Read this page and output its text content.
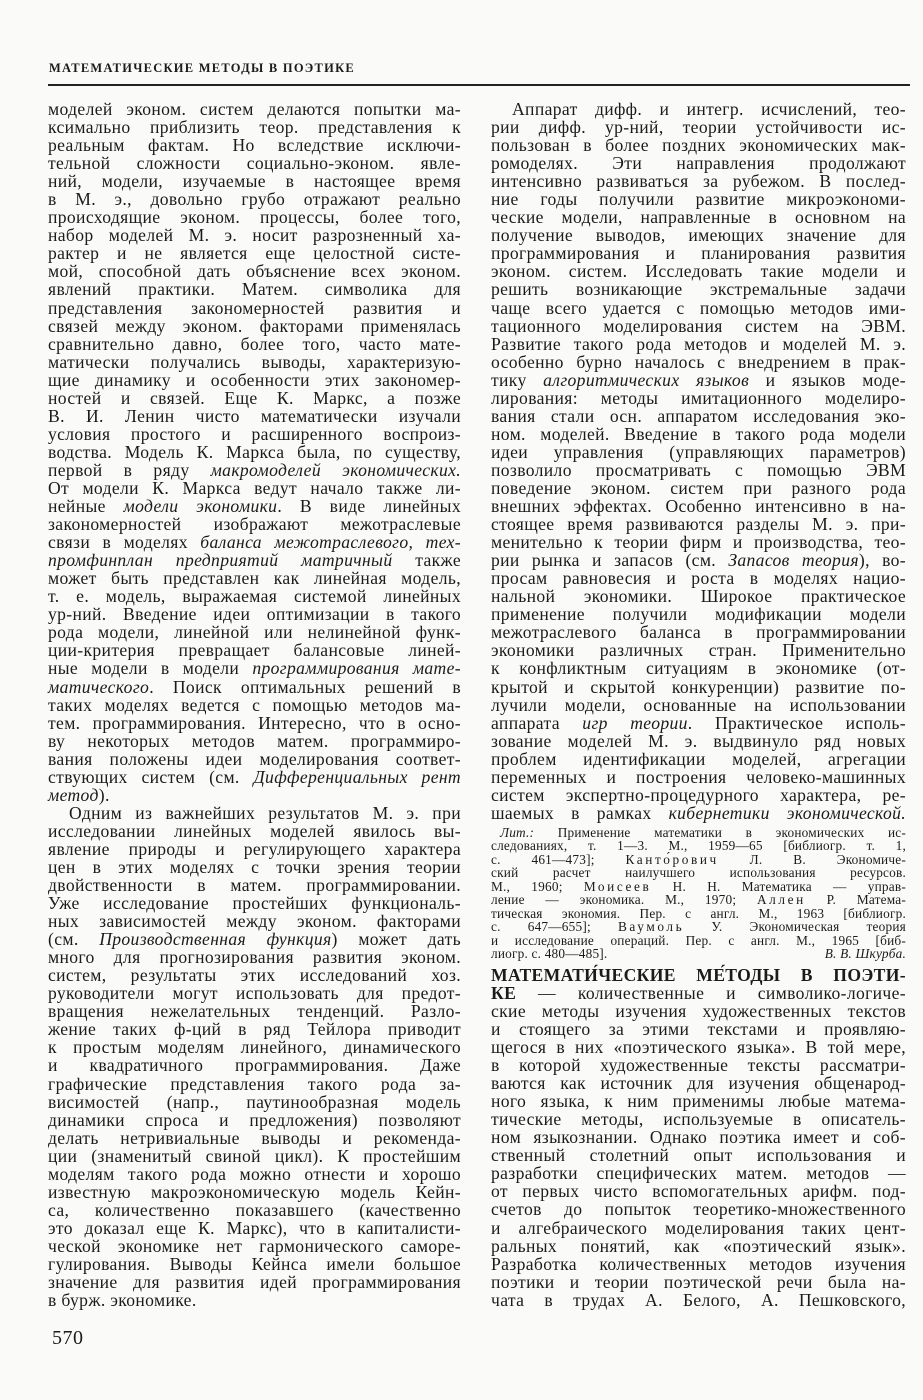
МАТЕМАТИЧЕСКИЕ МЕТОДЫ В ПОЭТИКЕ
моделей эконом. систем делаются попытки ма-
ксимально приблизить теор. представления к
реальным фактам. Но вследствие исключи-
тельной сложности социально-эконом. явле-
ний, модели, изучаемые в настоящее время
в М. э., довольно грубо отражают реально
происходящие эконом. процессы, более того,
набор моделей М. э. носит разрозненный ха-
рактер и не является еще целостной систе-
мой, способной дать объяснение всех эконом.
явлений практики. Матем. символика для
представления закономерностей развития и
связей между эконом. факторами применялась
сравнительно давно, более того, часто мате-
матически получались выводы, характеризую-
щие динамику и особенности этих закономер-
ностей и связей. Еще К. Маркс, а позже
В. И. Ленин чисто математически изучали
условия простого и расширенного воспроиз-
водства. Модель К. Маркса была, по существу,
первой в ряду макромоделей экономических.
От модели К. Маркса ведут начало также ли-
нейные модели экономики. В виде линейных
закономерностей изображают межотраслевые
связи в моделях баланса межотраслевого, тех-
промфинплан предприятий матричный также
может быть представлен как линейная модель,
т. е. модель, выражаемая системой линейных
ур-ний. Введение идеи оптимизации в такого
рода модели, линейной или нелинейной функ-
ции-критерия превращает балансовые линей-
ные модели в модели программирования мате-
матического. Поиск оптимальных решений в
таких моделях ведется с помощью методов ма-
тем. программирования. Интересно, что в осно-
ву некоторых методов матем. программиро-
вания положены идеи моделирования соответ-
ствующих систем (см. Дифференциальных рент
метод).
Одним из важнейших результатов М. э. при
исследовании линейных моделей явилось вы-
явление природы и регулирующего характера
цен в этих моделях с точки зрения теории
двойственности в матем. программировании.
Уже исследование простейших функциональ-
ных зависимостей между эконом. факторами
(см. Производственная функция) может дать
много для прогнозирования развития эконом.
систем, результаты этих исследований хоз.
руководители могут использовать для предот-
вращения нежелательных тенденций. Разло-
жение таких ф-ций в ряд Тейлора приводит
к простым моделям линейного, динамического
и квадратичного программирования. Даже
графические представления такого рода за-
висимостей (напр., паутинообразная модель
динамики спроса и предложения) позволяют
делать нетривиальные выводы и рекоменда-
ции (знаменитый свиной цикл). К простейшим
моделям такого рода можно отнести и хорошо
известную макроэкономическую модель Кейн-
са, количественно показавшего (качественно
это доказал еще К. Маркс), что в капиталисти-
ческой экономике нет гармонического саморе-
гулирования. Выводы Кейнса имели большое
значение для развития идей программирования
в бурж. экономике.
Аппарат дифф. и интегр. исчислений, тео-
рии дифф. ур-ний, теории устойчивости ис-
пользован в более поздних экономических мак-
ромоделях. Эти направления продолжают
интенсивно развиваться за рубежом. В послед-
ние годы получили развитие микроэкономи-
ческие модели, направленные в основном на
получение выводов, имеющих значение для
программирования и планирования развития
эконом. систем. Исследовать такие модели и
решить возникающие экстремальные задачи
чаще всего удается с помощью методов ими-
тационного моделирования систем на ЭВМ.
Развитие такого рода методов и моделей М. э.
особенно бурно началось с внедрением в прак-
тику алгоритмических языков и языков моде-
лирования: методы имитационного моделиро-
вания стали осн. аппаратом исследования эко-
ном. моделей. Введение в такого рода модели
идеи управления (управляющих параметров)
позволило просматривать с помощью ЭВМ
поведение эконом. систем при разного рода
внешних эффектах. Особенно интенсивно в на-
стоящее время развиваются разделы М. э. при-
менительно к теории фирм и производства, тео-
рии рынка и запасов (см. Запасов теория), во-
просам равновесия и роста в моделях нацио-
нальной экономики. Широкое практическое
применение получили модификации модели
межотраслевого баланса в программировании
экономики различных стран. Применительно
к конфликтным ситуациям в экономике (от-
крытой и скрытой конкуренции) развитие по-
лучили модели, основанные на использовании
аппарата игр теории. Практическое исполь-
зование моделей М. э. выдвинуло ряд новых
проблем идентификации моделей, агрегации
переменных и построения человеко-машинных
систем экспертно-процедурного характера, ре-
шаемых в рамках кибернетики экономической.
Лит.: Применение математики в экономических ис-
следованиях, т. 1—3. М., 1959—65 [библиогр. т. 1,
с. 461—473]; Канто́рович Л. В. Экономиче-
ский расчет наилучшего использования ресурсов.
М., 1960; Моисеев Н. Н. Математика — управ-
ление — экономика. М., 1970; Аллен Р. Матема-
тическая экономия. Пер. с англ. М., 1963 [библиогр.
с. 647—655]; Ваумоль У. Экономическая теория
и исследование операций. Пер. с англ. М., 1965 [биб-
лиогр. с. 480—485].	В. В. Шкурба.
МАТЕМАТИ́ЧЕСКИЕ МЕ́ТОДЫ В ПОЭТИ-
КЕ — количественные и символико-логиче-
ские методы изучения художественных текстов
и стоящего за этими текстами и проявляю-
щегося в них «поэтического языка». В той мере,
в которой художественные тексты рассматри-
ваются как источник для изучения общенарод-
ного языка, к ним применимы любые матема-
тические методы, используемые в описатель-
ном языкознании. Однако поэтика имеет и соб-
ственный столетний опыт использования и
разработки специфических матем. методов —
от первых чисто вспомогательных арифм. под-
счетов до попыток теоретико-множественного
и алгебраического моделирования таких цент-
ральных понятий, как «поэтический язык».
Разработка количественных методов изучения
поэтики и теории поэтической речи была на-
чата в трудах А. Белого, А. Пешковского,
570
